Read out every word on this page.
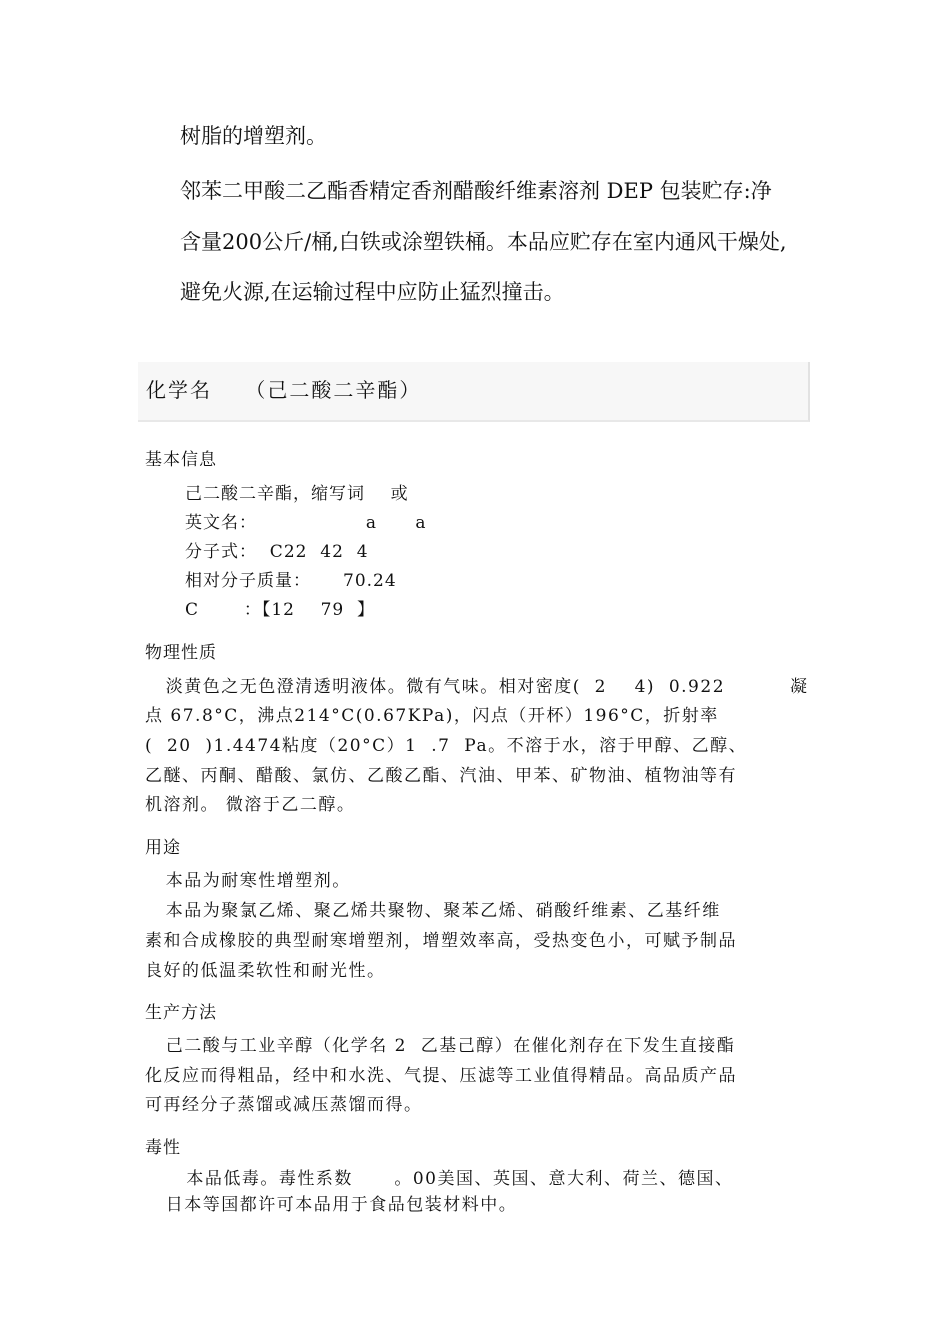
树脂的增塑剂。
邻苯二甲酸二乙酯香精定香剂醋酸纤维素溶剂 DEP 包装贮存:净
含量200公斤/桶,白铁或涂塑铁桶。本品应贮存在室内通风干燥处,
避免火源,在运输过程中应防止猛烈撞击。
化学名    （己二酸二辛酯）
基本信息
己二酸二辛酯，缩写词    或
英文名：                 a      a
分子式：  C22  42  4
相对分子质量：     70.24
C       ：【12    79  】
物理性质
淡黄色之无色澄清透明液体。微有气味。相对密度(  2    4)  0.922	凝
点 67.8°C，沸点214°C(0.67KPa)，闪点（开杯）196°C，折射率
(  20  )1.4474粘度（20°C）1  .7  Pa。不溶于水，溶于甲醇、乙醇、
乙醚、丙酮、醋酸、氯仿、乙酸乙酯、汽油、甲苯、矿物油、植物油等有
机溶剂。 微溶于乙二醇。
用途
本品为耐寒性增塑剂。
本品为聚氯乙烯、聚乙烯共聚物、聚苯乙烯、硝酸纤维素、乙基纤维
素和合成橡胶的典型耐寒增塑剂，增塑效率高，受热变色小，可赋予制品
良好的低温柔软性和耐光性。
生产方法
己二酸与工业辛醇（化学名 2  乙基己醇）在催化剂存在下发生直接酯
化反应而得粗品，经中和水洗、气提、压滤等工业值得精品。高品质产品
可再经分子蒸馏或减压蒸馏而得。
毒性
本品低毒。毒性系数      。00美国、英国、意大利、荷兰、德国、
日本等国都许可本品用于食品包装材料中。
